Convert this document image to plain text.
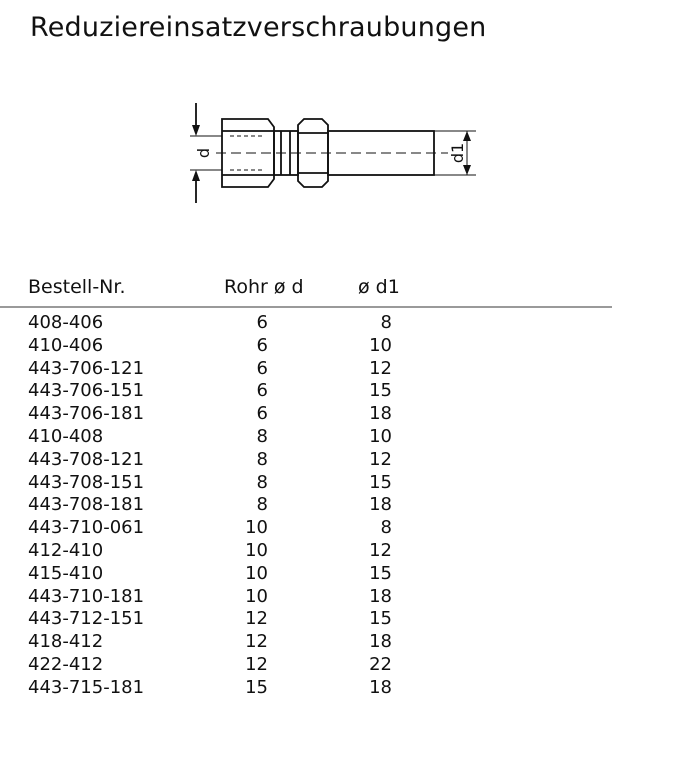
Reduziereinsatzverschraubungen
d	d1
Bestell-Nr.	Rohr ø d	ø d1
408-406	6	8
410-406	6	10
443-706-121	6	12
443-706-151	6	15
443-706-181	6	18
410-408	8	10
443-708-121	8	12
443-708-151	8	15
443-708-181	8	18
443-710-061	10	8
412-410	10	12
415-410	10	15
443-710-181	10	18
443-712-151	12	15
418-412	12	18
422-412	12	22
443-715-181	15	18
